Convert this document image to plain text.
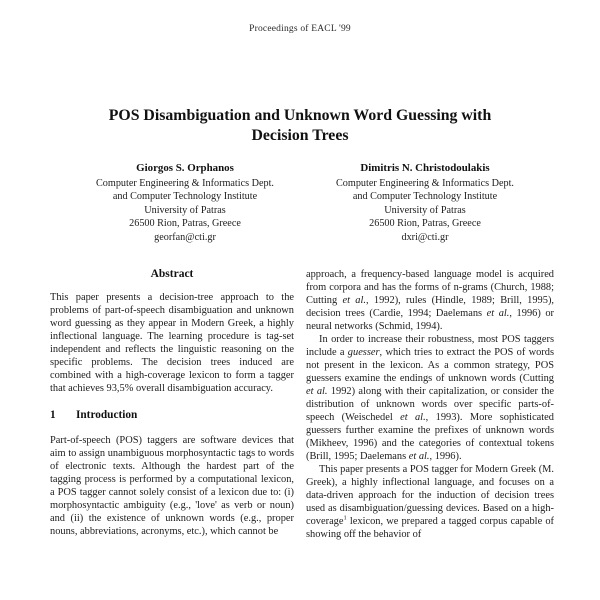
Proceedings of EACL '99
POS Disambiguation and Unknown Word Guessing with
Decision Trees
Giorgos S. Orphanos
Computer Engineering & Informatics Dept.
and Computer Technology Institute
University of Patras
26500 Rion, Patras, Greece
georfan@cti.gr
Dimitris N. Christodoulakis
Computer Engineering & Informatics Dept.
and Computer Technology Institute
University of Patras
26500 Rion, Patras, Greece
dxri@cti.gr
Abstract

This paper presents a decision-tree approach to the problems of part-of-speech disambiguation and unknown word guessing as they appear in Modern Greek, a highly inflectional language. The learning procedure is tag-set independent and reflects the linguistic reasoning on the specific problems. The decision trees induced are combined with a high-coverage lexicon to form a tagger that achieves 93,5% overall disambiguation accuracy.

1	Introduction

Part-of-speech (POS) taggers are software devices that aim to assign unambiguous morphosyntactic tags to words of electronic texts. Although the hardest part of the tagging process is performed by a computational lexicon, a POS tagger cannot solely consist of a lexicon due to: (i) morphosyntactic ambiguity (e.g., 'love' as verb or noun) and (ii) the existence of unknown words (e.g., proper nouns, abbreviations, acronyms, etc.), which cannot be

approach, a frequency-based language model is acquired from corpora and has the forms of n-grams (Church, 1988; Cutting et al., 1992), rules (Hindle, 1989; Brill, 1995), decision trees (Cardie, 1994; Daelemans et al., 1996) or neural networks (Schmid, 1994).

In order to increase their robustness, most POS taggers include a guesser, which tries to extract the POS of words not present in the lexicon. As a common strategy, POS guessers examine the endings of unknown words (Cutting et al. 1992) along with their capitalization, or consider the distribution of unknown words over specific parts-of-speech (Weischedel et al., 1993). More sophisticated guessers further examine the prefixes of unknown words (Mikheev, 1996) and the categories of contextual tokens (Brill, 1995; Daelemans et al., 1996).

This paper presents a POS tagger for Modern Greek (M. Greek), a highly inflectional language, and focuses on a data-driven approach for the induction of decision trees used as disambiguation/guessing devices. Based on a high-coverage$^1$ lexicon, we prepared a tagged corpus capable of showing off the behavior of
